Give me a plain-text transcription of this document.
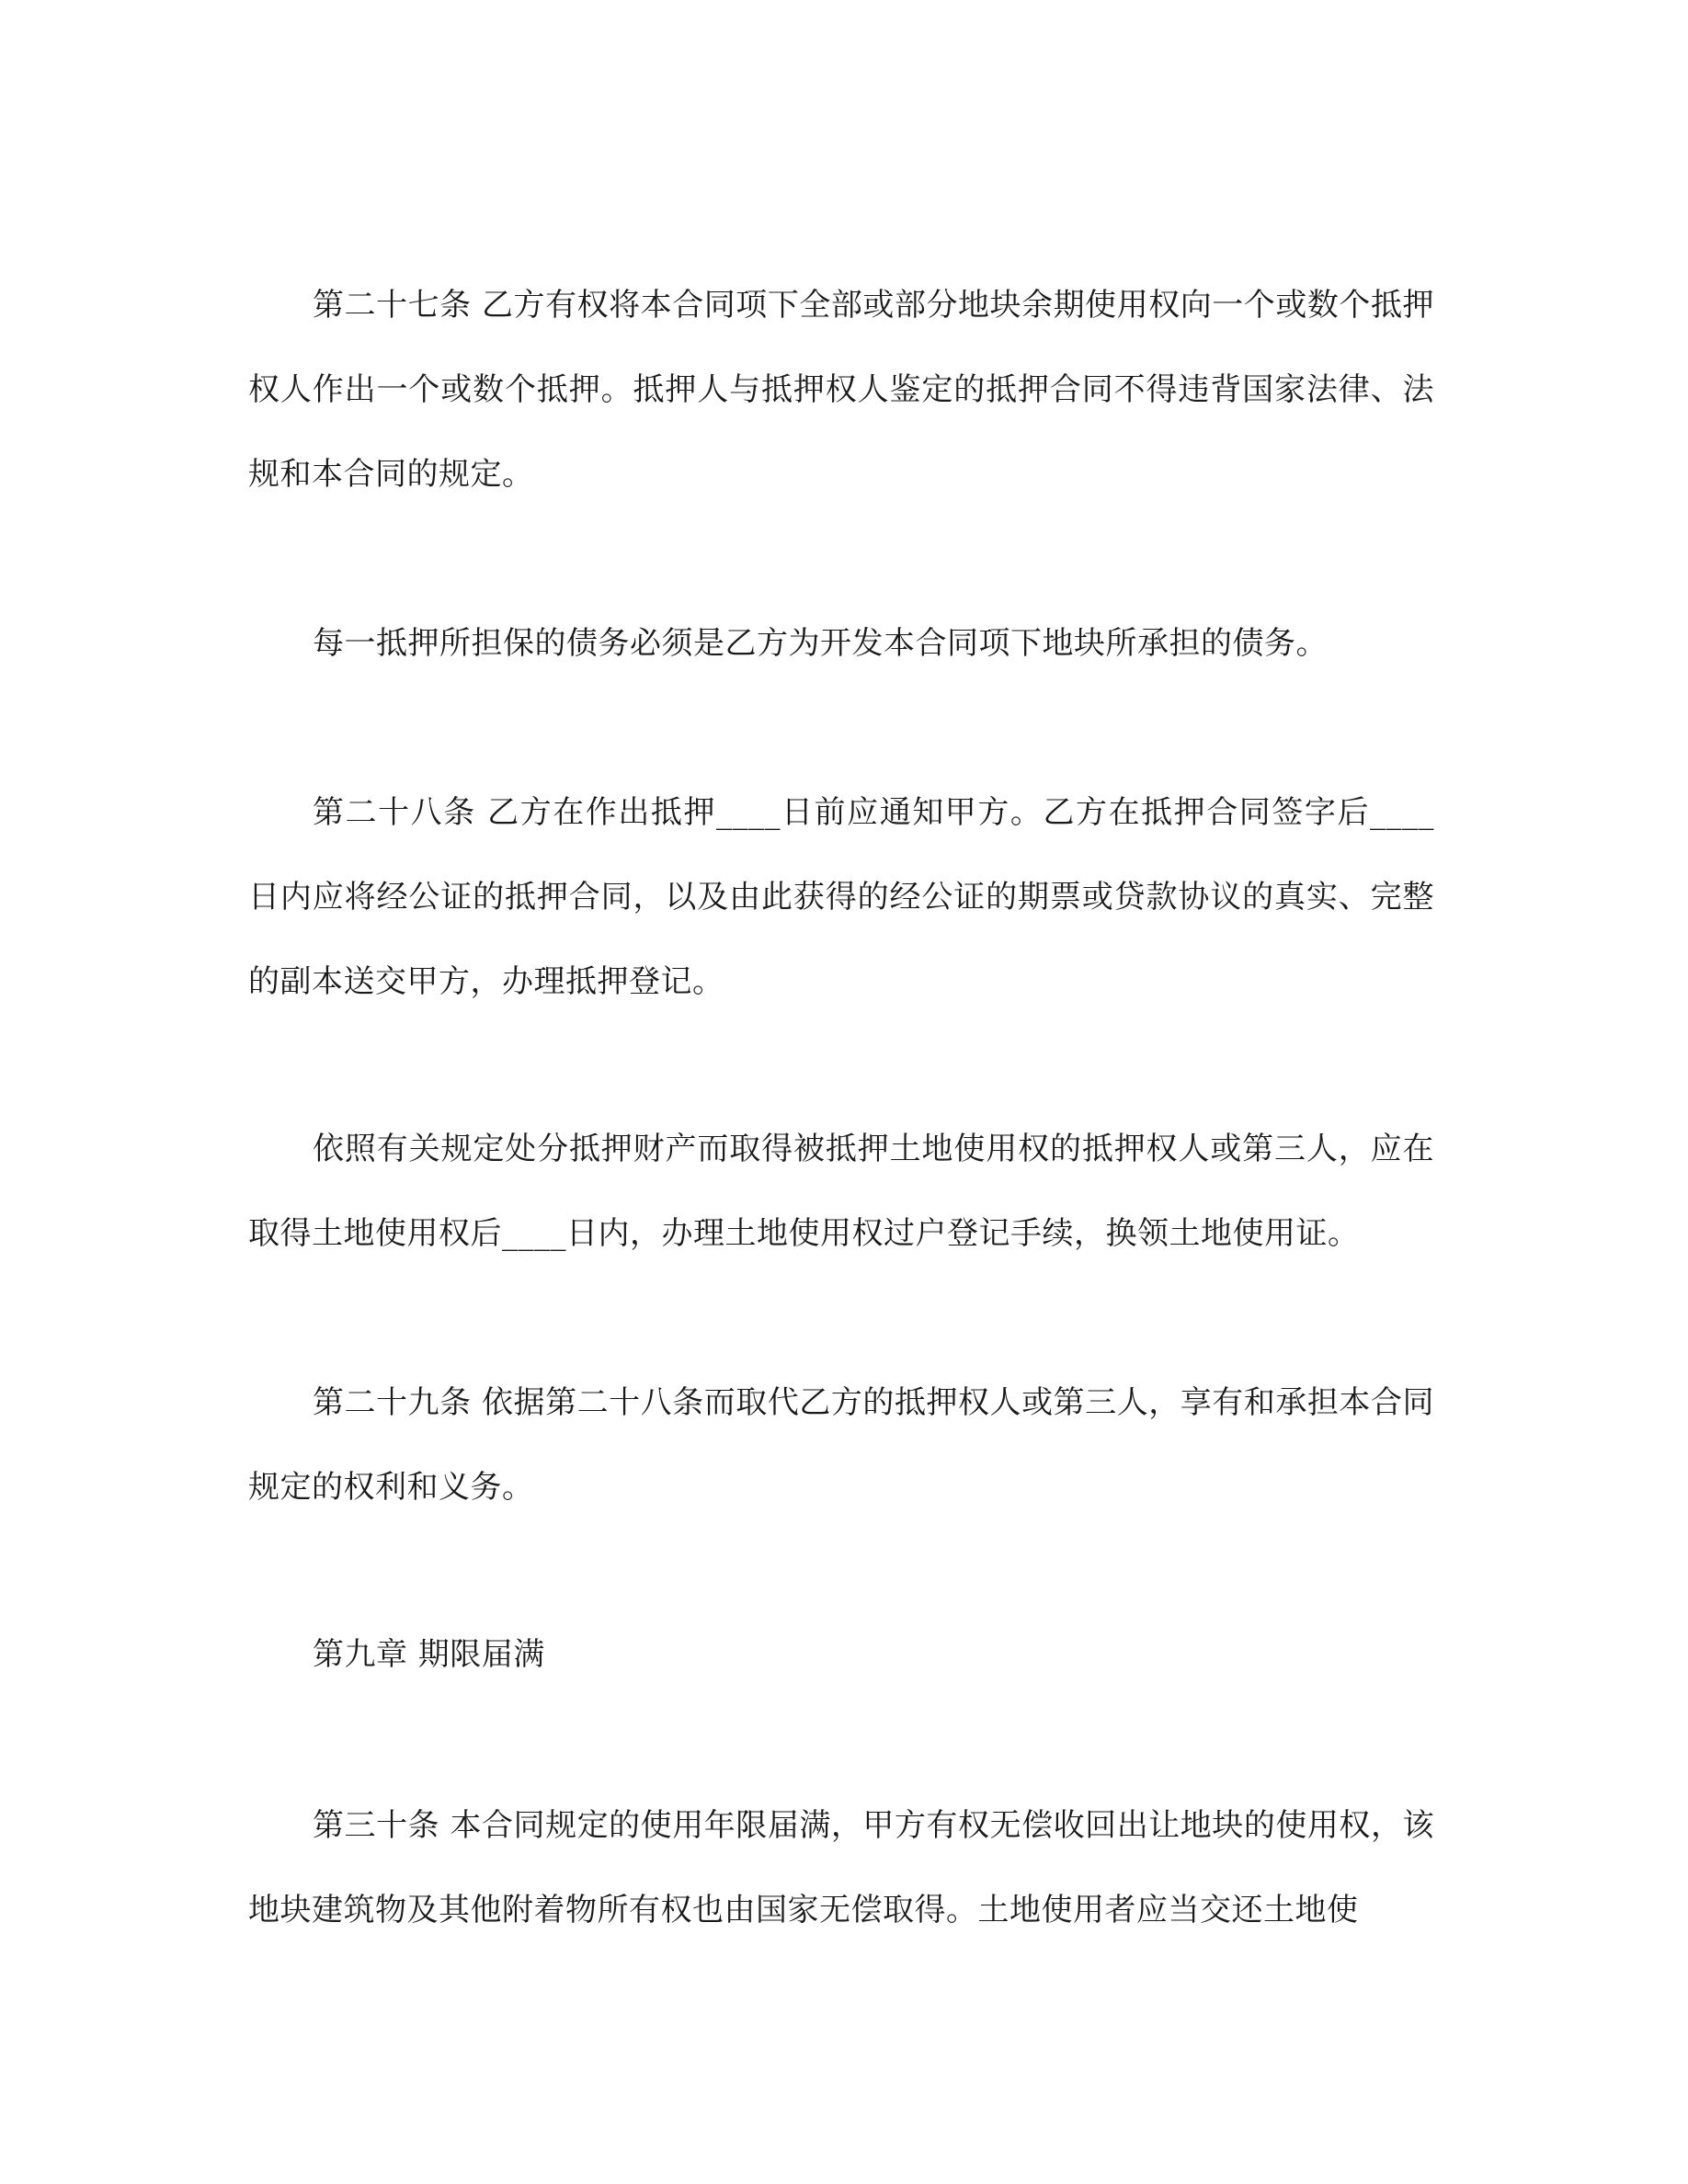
第二十七条 乙方有权将本合同项下全部或部分地块余期使用权向一个或数个抵押权人作出一个或数个抵押。抵押人与抵押权人鉴定的抵押合同不得违背国家法律、法规和本合同的规定。

每一抵押所担保的债务必须是乙方为开发本合同项下地块所承担的债务。

第二十八条 乙方在作出抵押____日前应通知甲方。乙方在抵押合同签字后____日内应将经公证的抵押合同，以及由此获得的经公证的期票或贷款协议的真实、完整的副本送交甲方，办理抵押登记。

依照有关规定处分抵押财产而取得被抵押土地使用权的抵押权人或第三人，应在取得土地使用权后____日内，办理土地使用权过户登记手续，换领土地使用证。

第二十九条 依据第二十八条而取代乙方的抵押权人或第三人，享有和承担本合同规定的权利和义务。

第九章 期限届满

第三十条 本合同规定的使用年限届满，甲方有权无偿收回出让地块的使用权，该地块建筑物及其他附着物所有权也由国家无偿取得。土地使用者应当交还土地使
